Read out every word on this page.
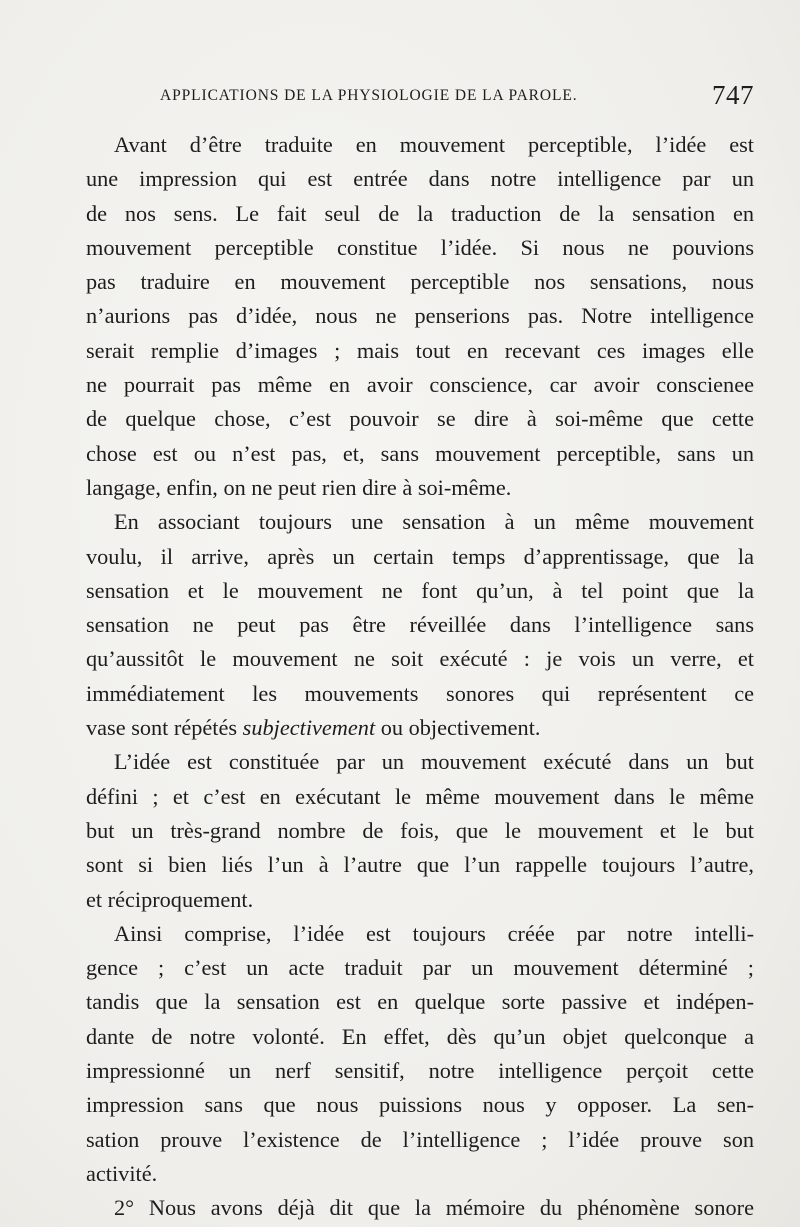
APPLICATIONS DE LA PHYSIOLOGIE DE LA PAROLE.	747
Avant d’être traduite en mouvement perceptible, l’idée est
une impression qui est entrée dans notre intelligence par un
de nos sens. Le fait seul de la traduction de la sensation en
mouvement perceptible constitue l’idée. Si nous ne pouvions
pas traduire en mouvement perceptible nos sensations, nous
n’aurions pas d’idée, nous ne penserions pas. Notre intelligence
serait remplie d’images ; mais tout en recevant ces images elle
ne pourrait pas même en avoir conscience, car avoir conscienee
de quelque chose, c’est pouvoir se dire à soi-même que cette
chose est ou n’est pas, et, sans mouvement perceptible, sans un
langage, enfin, on ne peut rien dire à soi-même.
En associant toujours une sensation à un même mouvement
voulu, il arrive, après un certain temps d’apprentissage, que la
sensation et le mouvement ne font qu’un, à tel point que la
sensation ne peut pas être réveillée dans l’intelligence sans
qu’aussitôt le mouvement ne soit exécuté : je vois un verre, et
immédiatement les mouvements sonores qui représentent ce
vase sont répétés subjectivement ou objectivement.
L’idée est constituée par un mouvement exécuté dans un but
défini ; et c’est en exécutant le même mouvement dans le même
but un très-grand nombre de fois, que le mouvement et le but
sont si bien liés l’un à l’autre que l’un rappelle toujours l’autre,
et réciproquement.
Ainsi comprise, l’idée est toujours créée par notre intelli-
gence ; c’est un acte traduit par un mouvement déterminé ;
tandis que la sensation est en quelque sorte passive et indépen-
dante de notre volonté. En effet, dès qu’un objet quelconque a
impressionné un nerf sensitif, notre intelligence perçoit cette
impression sans que nous puissions nous y opposer. La sen-
sation prouve l’existence de l’intelligence ; l’idée prouve son
activité.
2° Nous avons déjà dit que la mémoire du phénomène sonore
